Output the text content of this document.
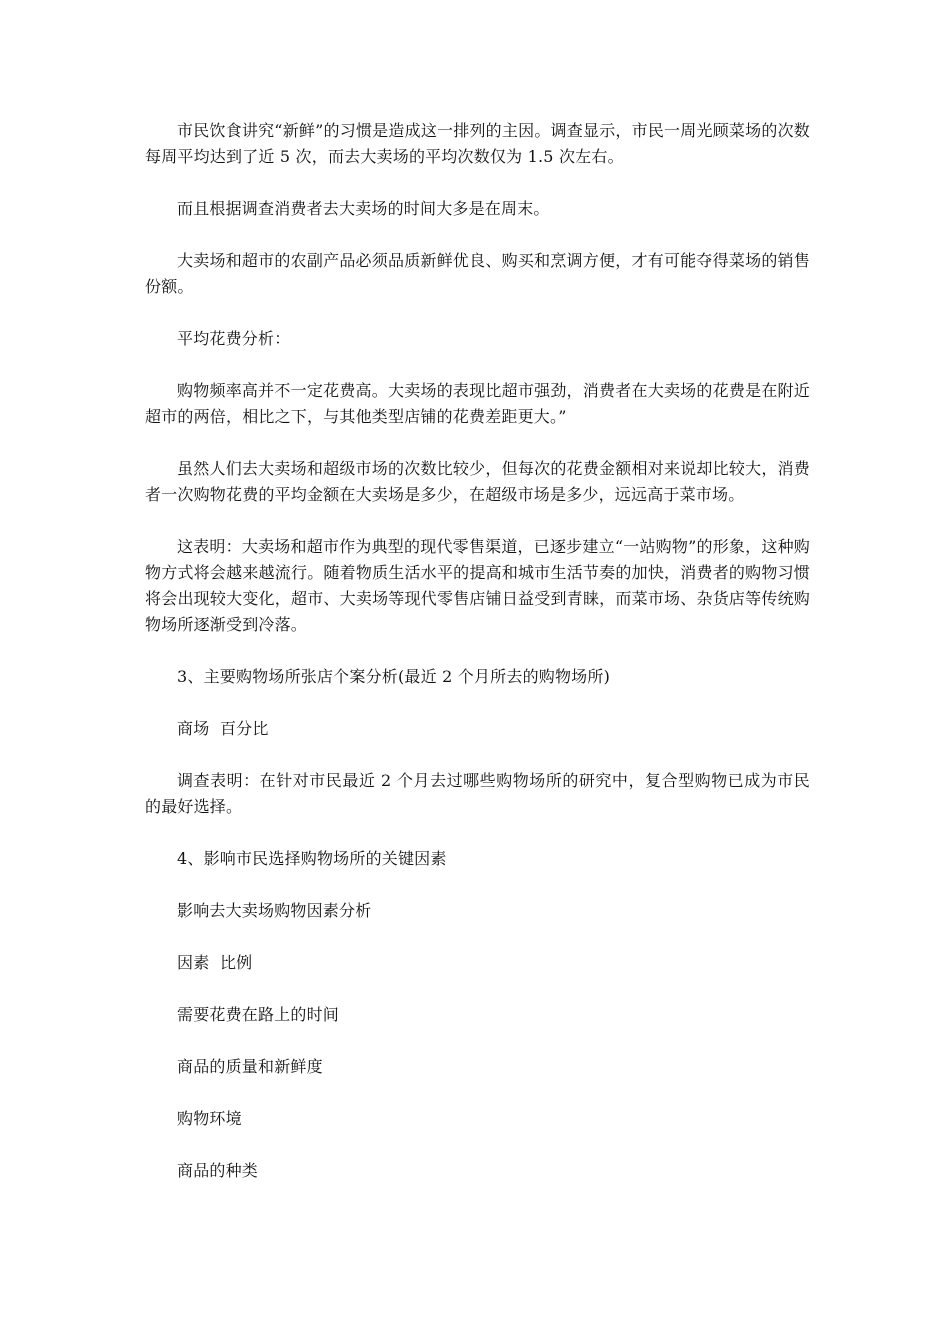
市民饮食讲究“新鲜”的习惯是造成这一排列的主因。调查显示，市民一周光顾菜场的次数每周平均达到了近 5 次，而去大卖场的平均次数仅为 1.5 次左右。

而且根据调查消费者去大卖场的时间大多是在周末。

大卖场和超市的农副产品必须品质新鲜优良、购买和烹调方便，才有可能夺得菜场的销售份额。

平均花费分析：

购物频率高并不一定花费高。大卖场的表现比超市强劲，消费者在大卖场的花费是在附近超市的两倍，相比之下，与其他类型店铺的花费差距更大。”

虽然人们去大卖场和超级市场的次数比较少，但每次的花费金额相对来说却比较大，消费者一次购物花费的平均金额在大卖场是多少，在超级市场是多少，远远高于菜市场。

这表明：大卖场和超市作为典型的现代零售渠道，已逐步建立“一站购物”的形象，这种购物方式将会越来越流行。随着物质生活水平的提高和城市生活节奏的加快，消费者的购物习惯将会出现较大变化，超市、大卖场等现代零售店铺日益受到青睐，而菜市场、杂货店等传统购物场所逐渐受到冷落。

3、主要购物场所张店个案分析(最近 2 个月所去的购物场所)

商场  百分比

调查表明：在针对市民最近 2 个月去过哪些购物场所的研究中，复合型购物已成为市民的最好选择。

4、影响市民选择购物场所的关键因素

影响去大卖场购物因素分析

因素  比例

需要花费在路上的时间

商品的质量和新鲜度

购物环境

商品的种类
